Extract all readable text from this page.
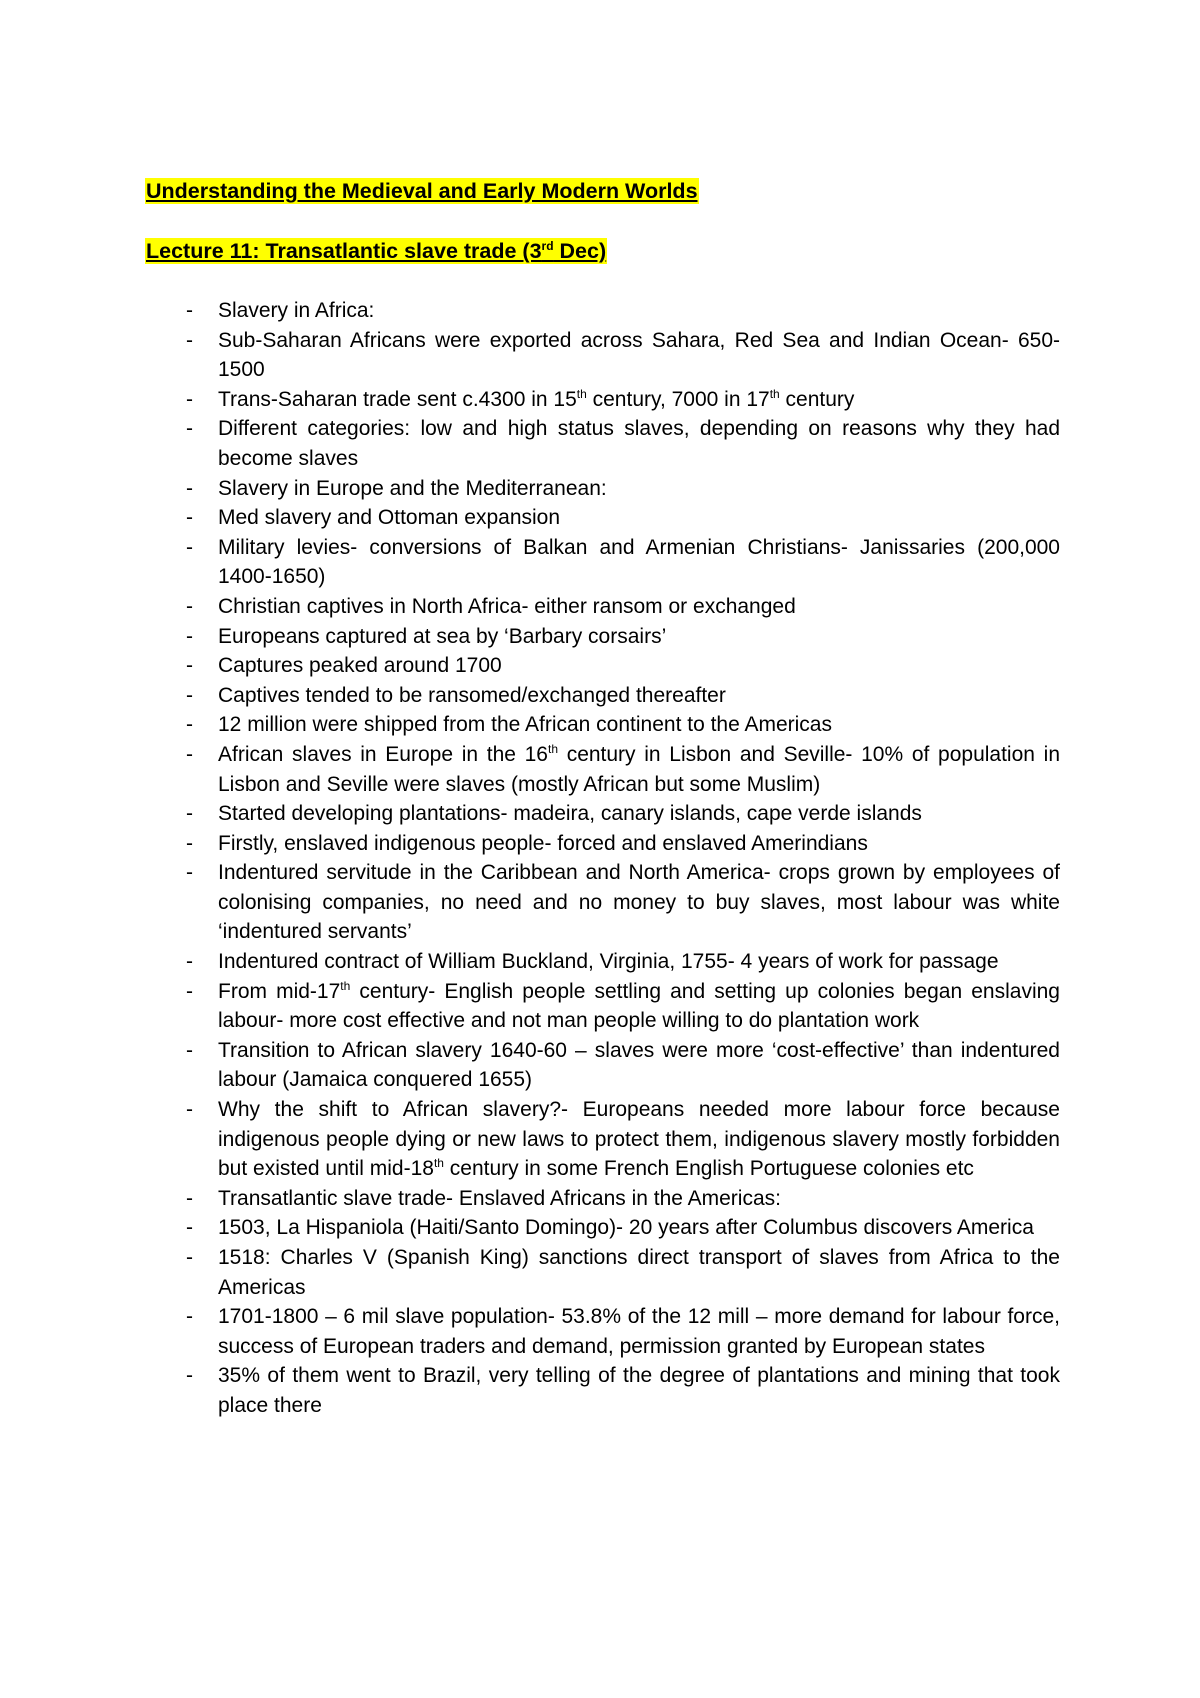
Understanding the Medieval and Early Modern Worlds
Lecture 11: Transatlantic slave trade (3rd Dec)
- Slavery in Africa:
- Sub-Saharan Africans were exported across Sahara, Red Sea and Indian Ocean- 650-1500
- Trans-Saharan trade sent c.4300 in 15th century, 7000 in 17th century
- Different categories: low and high status slaves, depending on reasons why they had become slaves
- Slavery in Europe and the Mediterranean:
- Med slavery and Ottoman expansion
- Military levies- conversions of Balkan and Armenian Christians- Janissaries (200,000 1400-1650)
- Christian captives in North Africa- either ransom or exchanged
- Europeans captured at sea by ‘Barbary corsairs’
- Captures peaked around 1700
- Captives tended to be ransomed/exchanged thereafter
- 12 million were shipped from the African continent to the Americas
- African slaves in Europe in the 16th century in Lisbon and Seville- 10% of population in Lisbon and Seville were slaves (mostly African but some Muslim)
- Started developing plantations- madeira, canary islands, cape verde islands
- Firstly, enslaved indigenous people- forced and enslaved Amerindians
- Indentured servitude in the Caribbean and North America- crops grown by employees of colonising companies, no need and no money to buy slaves, most labour was white ‘indentured servants’
- Indentured contract of William Buckland, Virginia, 1755- 4 years of work for passage
- From mid-17th century- English people settling and setting up colonies began enslaving labour- more cost effective and not man people willing to do plantation work
- Transition to African slavery 1640-60 – slaves were more ‘cost-effective’ than indentured labour (Jamaica conquered 1655)
- Why the shift to African slavery?- Europeans needed more labour force because indigenous people dying or new laws to protect them, indigenous slavery mostly forbidden but existed until mid-18th century in some French English Portuguese colonies etc
- Transatlantic slave trade- Enslaved Africans in the Americas:
- 1503, La Hispaniola (Haiti/Santo Domingo)- 20 years after Columbus discovers America
- 1518: Charles V (Spanish King) sanctions direct transport of slaves from Africa to the Americas
- 1701-1800 – 6 mil slave population- 53.8% of the 12 mill – more demand for labour force, success of European traders and demand, permission granted by European states
- 35% of them went to Brazil, very telling of the degree of plantations and mining that took place there
